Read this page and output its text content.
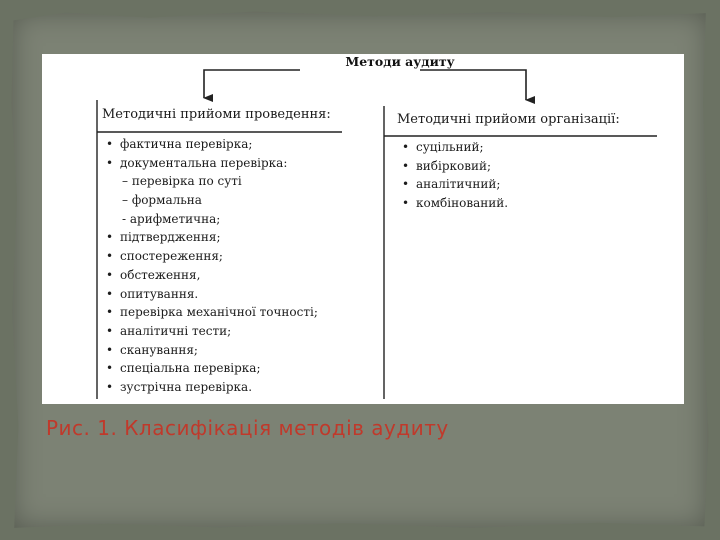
Методи аудиту
Методичні прийоми проведення:	Методичні прийоми організації:
• фактична перевірка;
• документальна перевірка:
– перевірка по суті
– формальна
- арифметична;
• підтвердження;
• спостереження;
• обстеження,
• опитування.
• перевірка механічної точності;
• аналітичні тести;
• сканування;
• спеціальна перевірка;
• зустрічна перевірка.
• суцільний;
• вибірковий;
• аналітичний;
• комбінований.
Рис. 1. Класифікація методів аудиту
